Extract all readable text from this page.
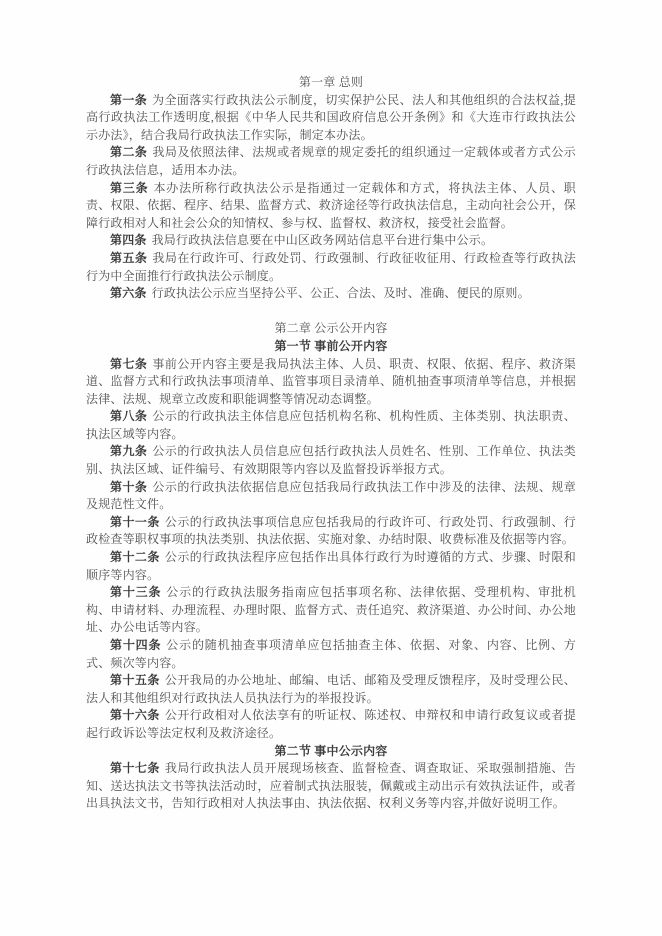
第一章 总则

第一条 为全面落实行政执法公示制度，切实保护公民、法人和其他组织的合法权益,提高行政执法工作透明度,根据《中华人民共和国政府信息公开条例》和《大连市行政执法公示办法》，结合我局行政执法工作实际，制定本办法。

第二条 我局及依照法律、法规或者规章的规定委托的组织通过一定载体或者方式公示行政执法信息，适用本办法。

第三条 本办法所称行政执法公示是指通过一定载体和方式，将执法主体、人员、职责、权限、依据、程序、结果、监督方式、救济途径等行政执法信息，主动向社会公开，保障行政相对人和社会公众的知情权、参与权、监督权、救济权，接受社会监督。

第四条 我局行政执法信息要在中山区政务网站信息平台进行集中公示。

第五条 我局在行政许可、行政处罚、行政强制、行政征收征用、行政检查等行政执法行为中全面推行行政执法公示制度。

第六条 行政执法公示应当坚持公平、公正、合法、及时、准确、便民的原则。

第二章 公示公开内容

第一节 事前公开内容

第七条 事前公开内容主要是我局执法主体、人员、职责、权限、依据、程序、救济渠道、监督方式和行政执法事项清单、监管事项目录清单、随机抽查事项清单等信息，并根据法律、法规、规章立改废和职能调整等情况动态调整。

第八条 公示的行政执法主体信息应包括机构名称、机构性质、主体类别、执法职责、执法区域等内容。

第九条 公示的行政执法人员信息应包括行政执法人员姓名、性别、工作单位、执法类别、执法区域、证件编号、有效期限等内容以及监督投诉举报方式。

第十条 公示的行政执法依据信息应包括我局行政执法工作中涉及的法律、法规、规章及规范性文件。

第十一条 公示的行政执法事项信息应包括我局的行政许可、行政处罚、行政强制、行政检查等职权事项的执法类别、执法依据、实施对象、办结时限、收费标准及依据等内容。

第十二条 公示的行政执法程序应包括作出具体行政行为时遵循的方式、步骤、时限和顺序等内容。

第十三条 公示的行政执法服务指南应包括事项名称、法律依据、受理机构、审批机构、申请材料、办理流程、办理时限、监督方式、责任追究、救济渠道、办公时间、办公地址、办公电话等内容。

第十四条 公示的随机抽查事项清单应包括抽查主体、依据、对象、内容、比例、方式、频次等内容。

第十五条 公开我局的办公地址、邮编、电话、邮箱及受理反馈程序，及时受理公民、法人和其他组织对行政执法人员执法行为的举报投诉。

第十六条 公开行政相对人依法享有的听证权、陈述权、申辩权和申请行政复议或者提起行政诉讼等法定权利及救济途径。

第二节 事中公示内容

第十七条 我局行政执法人员开展现场核查、监督检查、调查取证、采取强制措施、告知、送达执法文书等执法活动时，应着制式执法服装，佩戴或主动出示有效执法证件，或者出具执法文书，告知行政相对人执法事由、执法依据、权利义务等内容,并做好说明工作。
